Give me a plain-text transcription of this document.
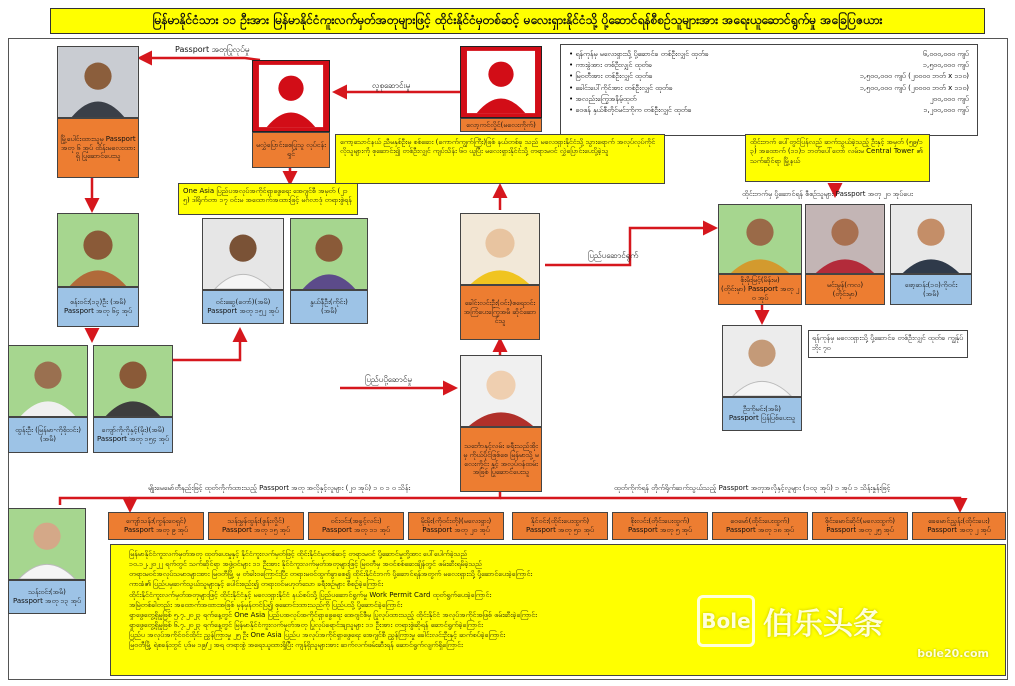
မြန်မာနိုင်ငံသား ၁၁ ဦးအား မြန်မာနိုင်ငံကူးလက်မှတ်အတုများဖြင့် ထိုင်းနိုင်ငံမှတစ်ဆင့် မလေးရှားနိုင်ငံသို့ ပို့ဆောင်ရန်စီစဉ်သူများအား အရေးယူဆောင်ရွက်မှု အခြေပြဇယား
Passport အတုပြုလုပ်မှု
လူစုဆောင်းမှု
ပြည်ပပို့ဆောင်မှု
ပြည်ပဆောင်ရွက်
• ရန်ကုန်မှ မလေးရှားသို့ ပို့ဆောင်ခ တစ်ဦးလျှင် ထုတ်ခ	၆,၀၀၀,၀၀၀ ကျပ်
• ကားခွဲအား တစ်ဦးလျှင် ထုတ်ခ	၁,၅၀၀,၀၀၀ ကျပ်
• မြဝတီအား တစ်ဦးလျှင် ထုတ်ခ	၁,၅၀၀,၀၀၀ ကျပ် (၂၀၀၀၀ ဘတ် x ၁၁၀)
• ခေါင်းပေါ်ကိုင်အား တစ်ဦးလျှင် ထုတ်ခ	၁,၅၀၀,၀၀၀ ကျပ် (၂၀၀၀၀ ဘတ် x ၁၁၀)
• အလည်းကြွေအနိမ့်ထုတ်	၂၀၀,၀၀၀ ကျပ်
• ဝေဖန် နှယ်စီတိုင်မင်းကိုက တစ်ဦးလျှင် ထုတ်ခ	၁,၂၀၀,၀၀၀ ကျပ်
မြို့ပေါင်းထားသူမှ Passport အတု ၆ အုပ် ထိန်းမလေးထားရှိ ပြုဆောင်ပေးသူ
မလွှဲပြောင်းစေပြုသူ လုပ်ငန်းရှင်
လော့ကင်လှိုင်(မလေးကိုက်)
ကော့သောင်နယ် ညီမနှစ်ဦးမှ စစ်ဆေး (ကောက်ကျွက်ကြီး)ဖြစ် နယ်တစ်ခု သည် မလေးရှားနိုင်ငံသို့ သွားရောက် အလုပ်လုပ်ကိုင် လိုသူများကို စုဆောင်း၍ တစ်ဦးလျှင် ကျပ်သိန်း ၆၀ ယူပြီး မလေးရှားနိုင်ငံသို့ တရားမဝင် လွှဲပြောင်းပေးပို့ခဲ့သူ
One Asia ပြည်ပအလုပ်အကိုင်ရှာဖွေရေး အေဂျင်စီ အမှတ် (၂၁၅) ဒါရိုက်တာ ၁၇ ဝင်းမ အထောက်အထားဖြင့် မင်္ဂလာဒုံ တရားစွဲရန်
ထိုင်းဘက် ပေါ်တွင်ပြန်လည် ဆက်သွယ်ခဲ့သည့် ဦးနှင့် အမှတ် (၅၉/၁၃) အထောက် (၁၁)၁ ဘတ်ပေါ်တော် လမ်းမ Central Tower ၏ သက်ဆိုင်ရာ မြို့နယ်
ထိုင်းဘက်မှ ပို့ဆောင်ရန် စီစဉ်သူများ Passport အတု ၂၀ အုပ်ပေး
စန်းဝင်း(၁၃)ဦး (အမိ)
Passport အတု ၆၄ အုပ်
ဝင်းဆွေ(တော်)(အမိ)
Passport အတု ၁၅၂ အုပ်
နွယ်နီဦး(ကိုင်း)
(အမိ)
ထွန်းဦး (မြန်မာ-ကိုစိုးဝင်း)
(အမိ)
ကျော်ကိုကိုနှင့်(မိုး)(အမိ)
Passport အတု ၁၅၄ အုပ်
ခေါင်းလင်းဦး(ဝင်း)စရေးဝင်း အကြံပေးကြွေအမိ ဆိုင်ဆောင်သူ
သင်္ဘောနှင့်လမ်း ခရီးသည်အိုးမှ ကိုယ်ပိုင်ဖြစ်စေ မြန်မာသို့ မလေးကိုင်း နှင့် အလုပ်ဝန်ထမ်းအဖြစ် ပြုဆောင်ပေးသူ
စိုးမိုးမြင့်(မိန်းမ)
(တိုင်းမှာ) Passport အတု ၂၀ အုပ်
မင်းမွန်(ကလ)
(တိုင်းမှာ)
ဖော့ဆန်း(၁၀)ကိုဝင်း
(အမိ)
ရန်ကုန်မှ မလေးရှားသို့ ပို့ဆောင်ခ တစ်ဦးလျှင် ထုတ်ခ ကျွန်ုပ်ဘိုး ၇၀
ဦးကိုမင်း(အမိ)
Passport ပြန်ပြစ်ပေးသူ
သန်းဝင်း(အမိ)
Passport အတု ၁၃ အုပ်
မျိုးမေမော်တီနည်းဖြင့် ထုတ်ကိုက်ထားသည့် Passport အတု အလိုနှင့်လူများ (၂၀ အုပ်) ၁ ဝ ၁ ဝ သိန်း	ထုတ်ကိုက်ရန် တိုက်ရိုက်ဆက်သွယ်သည့် Passport အတုအလိုနှင့်လူများ (၁၀၃ အုပ်) ၁ အုပ် ၁ သိန်းနှုန်းဖြင့်
ကျော်သန်း(ကွန်းဝေရှင်)
Passport အတု ၉ အုပ်
သန်းမွှန်ထွန်း(စွန်းလှိုင်)
Passport အတု ၁၅ အုပ်
ဝင်းဝင်း(အခွင့်လင်း)
Passport အတု ၁၁ အုပ်
မိုးမိုး(ကိုဝင်းတို)(မလေးရှား)
Passport အတု ၂၀ အုပ်
နိုင်ဝင်း(ထိုင်းပေးထွက်)
Passport အတု ၅၁ အုပ်
စိုးလင်း(တိုင်းပေးထွက်)
Passport အတု ၅ အုပ်
ဝေမော်(ထိုင်းပေးထွက်)
Passport အတု ၁၈ အုပ်
စိုင်းမောင်ဆိုင်(မလေးထွက်)
Passport အတု ၂၅ အုပ်
ခေမောင်ညွှန်း(ထိုင်းပေး)
Passport အတု ၂ အုပ်
► မြန်မာနိုင်ငံကူးလက်မှတ်အတု ထုတ်ပေးမှုနှင့် နိုင်ငံကူးလက်မှတ်ဖြင့် ထိုင်းနိုင်ငံမှတစ်ဆင့် တရားမဝင် ပို့ဆောင်မှုတို့အား ပေါ်ပေါက်ခဲ့သည်
► ၁၀.၁၂.၂၀၂၂ ရက်တွင် သက်ဆိုင်ရာ အဖွဲ့ဝင်များ ၁၁ ဦးအား နိုင်ငံကူးလက်မှတ်အတုများဖြင့် မြဝတီမှ အဝင်စစ်ဆေးချိန်တွင် ဖမ်းဆီးရမိခဲ့သည်
► တရားမဝင်အလုပ်သမားများအား မြဝတီမြို့ မှ တံခါးဝကြောင်းပြီး တရားမဝင်ထွက်ခွာစေ၍ ထိုင်းနိုင်ငံဘက် ပို့ဆောင်ရန်အတွက် မလေးရှားသို့ ပို့ဆောင်ပေးခဲ့ကြောင်း
► ကားခံ၏ ပြည်ပမှဆက်သွယ်သူများနှင့် ပေါင်းစည်း၍ တရားဝင်မဟုတ်သော ခရီးစဉ်များ စီစဉ်ခဲ့ကြောင်း
► ထိုင်းနိုင်ငံကူးလက်မှတ်အတုများဖြင့် ထိုင်းနိုင်ငံနှင့် မလေးရှားနိုင်ငံ နယ်စပ်သို့ ပြည်ပဆောင်ရွက်မှု Work Permit Card ထုတ်ရွက်ပေးခဲ့ကြောင်း
► အမြဲတစ်ခါတည်း အထောက်အထားအဖြစ် မှန်မှန်တင်ပြ၍ စုဆောင်းထားသည်ကို ပြည်ပသို့ ပို့ဆောင်ခဲ့ကြောင်း
► ရှာဖွေတွေ့ရှိမှုဖြစ် ၅.၇.၂၀၂၃ ရက်နေ့တွင် One Asia ပြည်ပအလုပ်အကိုင်ရှာဖွေရေး အေဂျင်စီမှ ပြုလုပ်ထားသည့် ထိုင်းနိုင်ငံ အလုပ်အကိုင်အဖြစ် ဖမ်းဆီးခဲ့ကြောင်း
► ရှာဖွေတွေ့ရှိမှုဖြစ် ၆.၇.၂၀၂၃ ရက်နေ့တွင် မြန်မာနိုင်ငံကူးလက်မှတ်အတု ပြုလုပ်ရောင်းချသူများ ၁၁ ဦးအား တရားစွဲဆိုရန် ဆောင်ရွက်ခဲ့ကြောင်း
► ပြည်ပ အလုပ်အကိုင်ဝင်ထိုင်း ညွှန်ကြားမှု ၂၅ ဦး One Asia ပြည်ပ အလုပ်အကိုင်ရှာဖွေရေး အေဂျင်စီ ညွှန်ကြားမှု ခေါင်းလင်းဦးနှင့် ဆက်စပ်ခဲ့ကြောင်း
► မြဝတီမြို့ ရဲစခန်းတွင် ပုဒ်မ ၁၉/၂ အရ တရားစွဲ အရေးယူထားရှိပြီး ကျန်ရှိသူများအား ဆက်လက်ဖမ်းဆီးရန် ဆောင်ရွက်လျက်ရှိကြောင်း
Bole 伯乐头条
bole20.com
